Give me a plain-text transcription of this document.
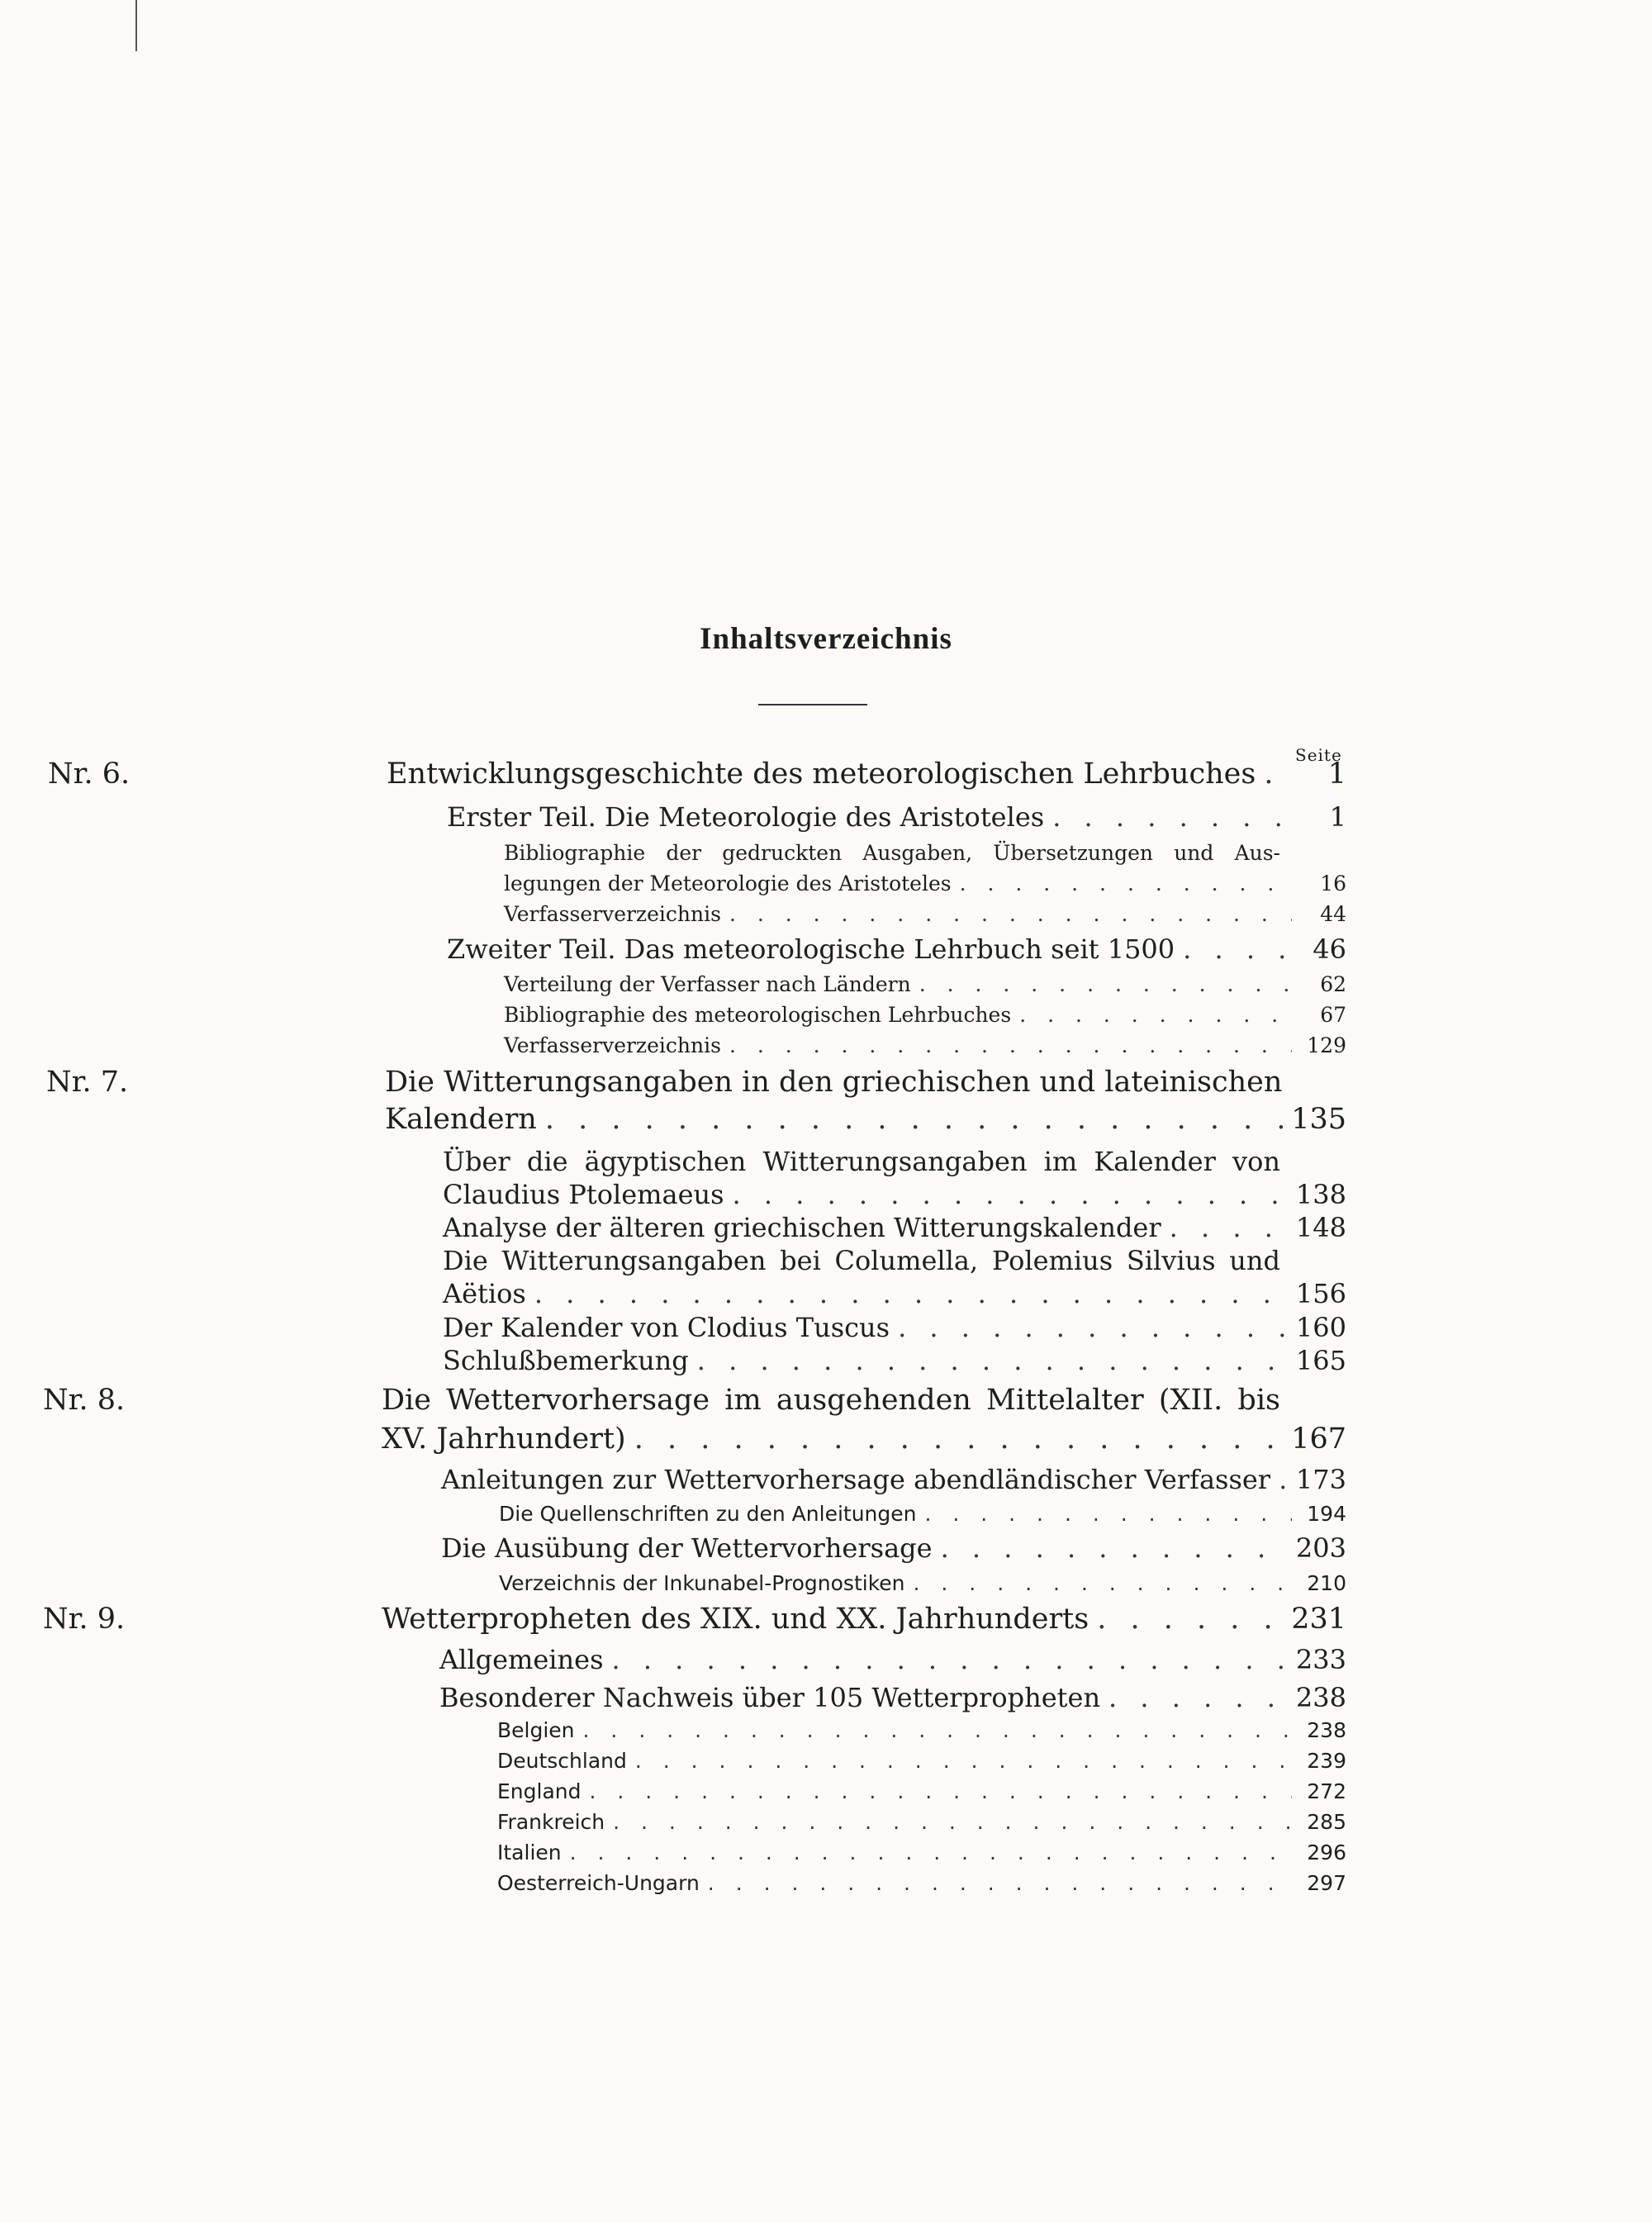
Inhaltsverzeichnis
Seite
Nr. 6.	Entwicklungsgeschichte des meteorologischen Lehrbuches . . .	1
Erster Teil. Die Meteorologie des Aristoteles . . .	1
Bibliographie der gedruckten Ausgaben, Übersetzungen und Aus-
legungen der Meteorologie des Aristoteles . . .	16
Verfasserverzeichnis . . .	44
Zweiter Teil. Das meteorologische Lehrbuch seit 1500 . . .	46
Verteilung der Verfasser nach Ländern . . .	62
Bibliographie des meteorologischen Lehrbuches . . .	67
Verfasserverzeichnis . . .	129
Nr. 7.	Die Witterungsangaben in den griechischen und lateinischen
Kalendern . . .	135
Über die ägyptischen Witterungsangaben im Kalender von
Claudius Ptolemaeus . . .	138
Analyse der älteren griechischen Witterungskalender . . .	148
Die Witterungsangaben bei Columella, Polemius Silvius und
Aëtios . . .	156
Der Kalender von Clodius Tuscus . . .	160
Schlußbemerkung . . .	165
Nr. 8.	Die Wettervorhersage im ausgehenden Mittelalter (XII. bis
XV. Jahrhundert) . . .	167
Anleitungen zur Wettervorhersage abendländischer Verfasser . . . 173
Die Quellenschriften zu den Anleitungen . . .	194
Die Ausübung der Wettervorhersage . . .	203
Verzeichnis der Inkunabel-Prognostiken . . .	210
Nr. 9.	Wetterpropheten des XIX. und XX. Jahrhunderts . . .	231
Allgemeines . . .	233
Besonderer Nachweis über 105 Wetterpropheten . . .	238
Belgien . . .	238
Deutschland . . .	239
England . . .	272
Frankreich . . .	285
Italien . . .	296
Oesterreich-Ungarn . . .	297
